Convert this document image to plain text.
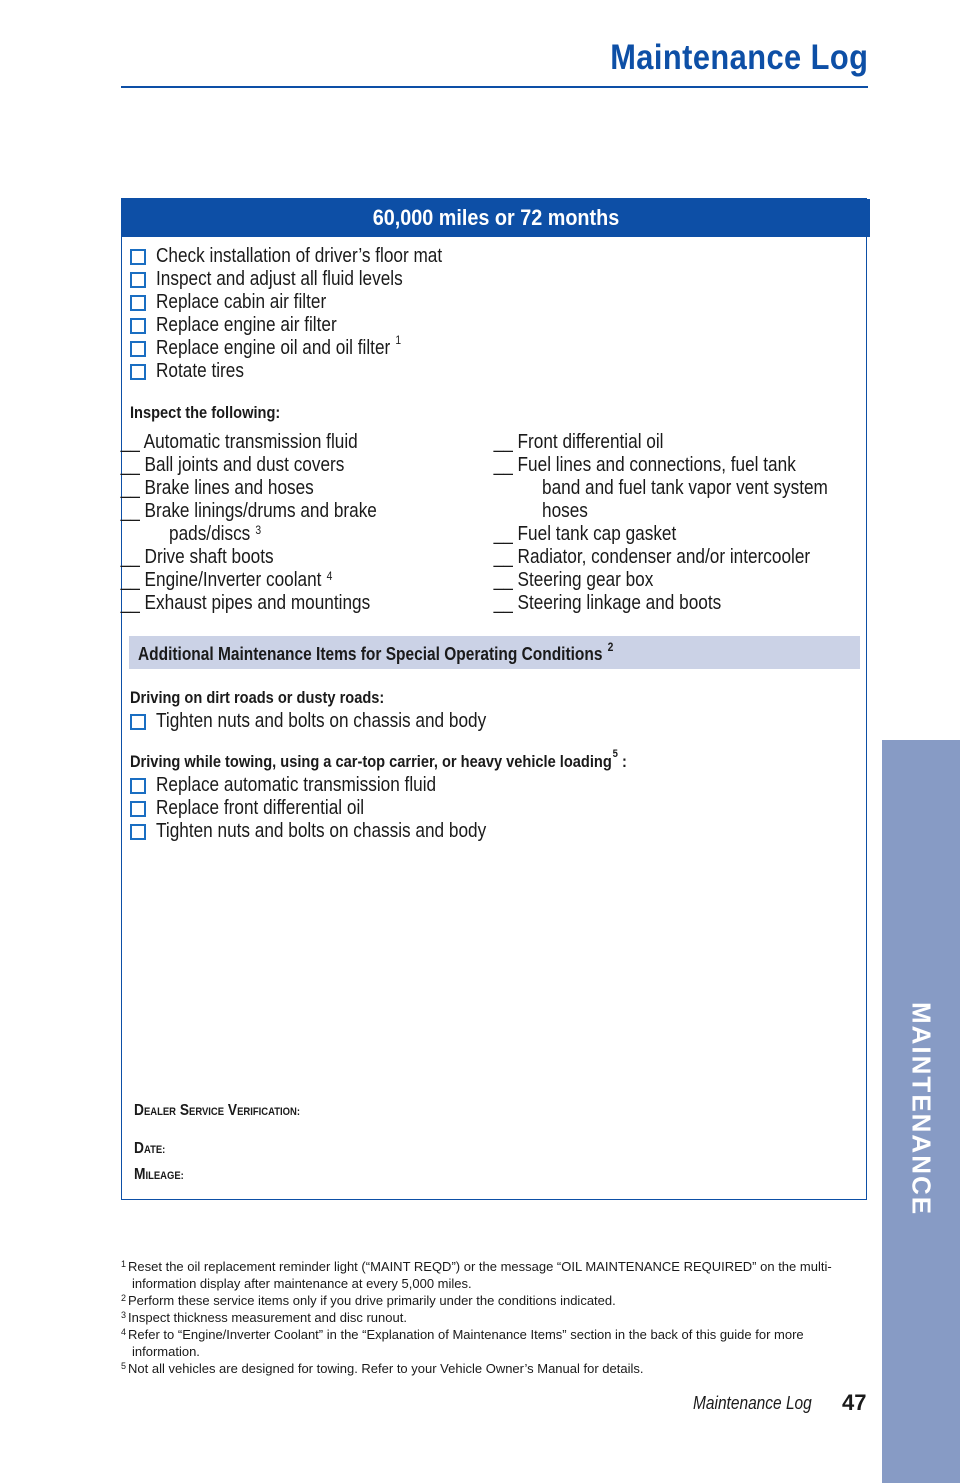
Maintenance Log
MAINTENANCE
60,000 miles or 72 months
Check installation of driver’s floor mat
Inspect and adjust all fluid levels
Replace cabin air filter
Replace engine air filter
Replace engine oil and oil filter $^1$
Rotate tires
Inspect the following:
__ Automatic transmission fluid
__ Ball joints and dust covers
__ Brake lines and hoses
__ Brake linings/drums and brake
pads/discs $^3$
__ Drive shaft boots
__ Engine/Inverter coolant $^4$
__ Exhaust pipes and mountings
__ Front differential oil
__ Fuel lines and connections, fuel tank
band and fuel tank vapor vent system
hoses
__ Fuel tank cap gasket
__ Radiator, condenser and/or intercooler
__ Steering gear box
__ Steering linkage and boots
Additional Maintenance Items for Special Operating Conditions $^2$
Driving on dirt roads or dusty roads:
Tighten nuts and bolts on chassis and body
Driving while towing, using a car-top carrier, or heavy vehicle loading$^5$ :
Replace automatic transmission fluid
Replace front differential oil
Tighten nuts and bolts on chassis and body
DEALER SERVICE VERIFICATION:
DATE:
MILEAGE:
$^1$ Reset the oil replacement reminder light (“MAINT REQD”) or the message “OIL MAINTENANCE REQUIRED” on the multi-information display after maintenance at every 5,000 miles.
$^2$ Perform these service items only if you drive primarily under the conditions indicated.
$^3$ Inspect thickness measurement and disc runout.
$^4$ Refer to “Engine/Inverter Coolant” in the “Explanation of Maintenance Items” section in the back of this guide for more information.
$^5$ Not all vehicles are designed for towing. Refer to your Vehicle Owner’s Manual for details.
Maintenance Log	47
